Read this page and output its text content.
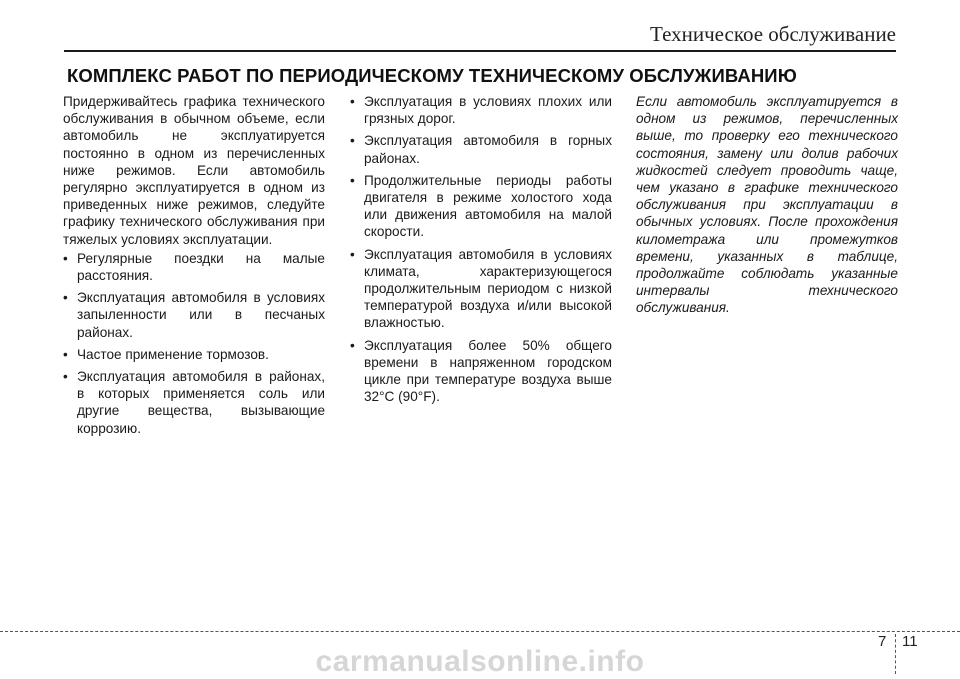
Техническое обслуживание
КОМПЛЕКС РАБОТ ПО ПЕРИОДИЧЕСКОМУ ТЕХНИЧЕСКОМУ ОБСЛУЖИВАНИЮ

Придерживайтесь графика технического обслуживания в обычном объеме, если автомобиль не эксплуатируется постоянно в одном из перечисленных ниже режимов. Если автомобиль регулярно эксплуатируется в одном из приведенных ниже режимов, следуйте графику технического обслуживания при тяжелых условиях эксплуатации.

• Регулярные поездки на малые расстояния.
• Эксплуатация автомобиля в условиях запыленности или в песчаных районах.
• Частое применение тормозов.
• Эксплуатация автомобиля в районах, в которых применяется соль или другие вещества, вызывающие коррозию.
• Эксплуатация в условиях плохих или грязных дорог.
• Эксплуатация автомобиля в горных районах.
• Продолжительные периоды работы двигателя в режиме холостого хода или движения автомобиля на малой скорости.
• Эксплуатация автомобиля в условиях климата, характеризующегося продолжительным периодом с низкой температурой воздуха и/или высокой влажностью.
• Эксплуатация более 50% общего времени в напряженном городском цикле при температуре воздуха выше 32°C (90°F).

Если автомобиль эксплуатируется в одном из режимов, перечисленных выше, то проверку его технического состояния, замену или долив рабочих жидкостей следует проводить чаще, чем указано в графике технического обслуживания при эксплуатации в обычных условиях. После прохождения километража или промежутков времени, указанных в таблице, продолжайте соблюдать указанные интервалы технического обслуживания.

7 11
carmanualsonline.info
